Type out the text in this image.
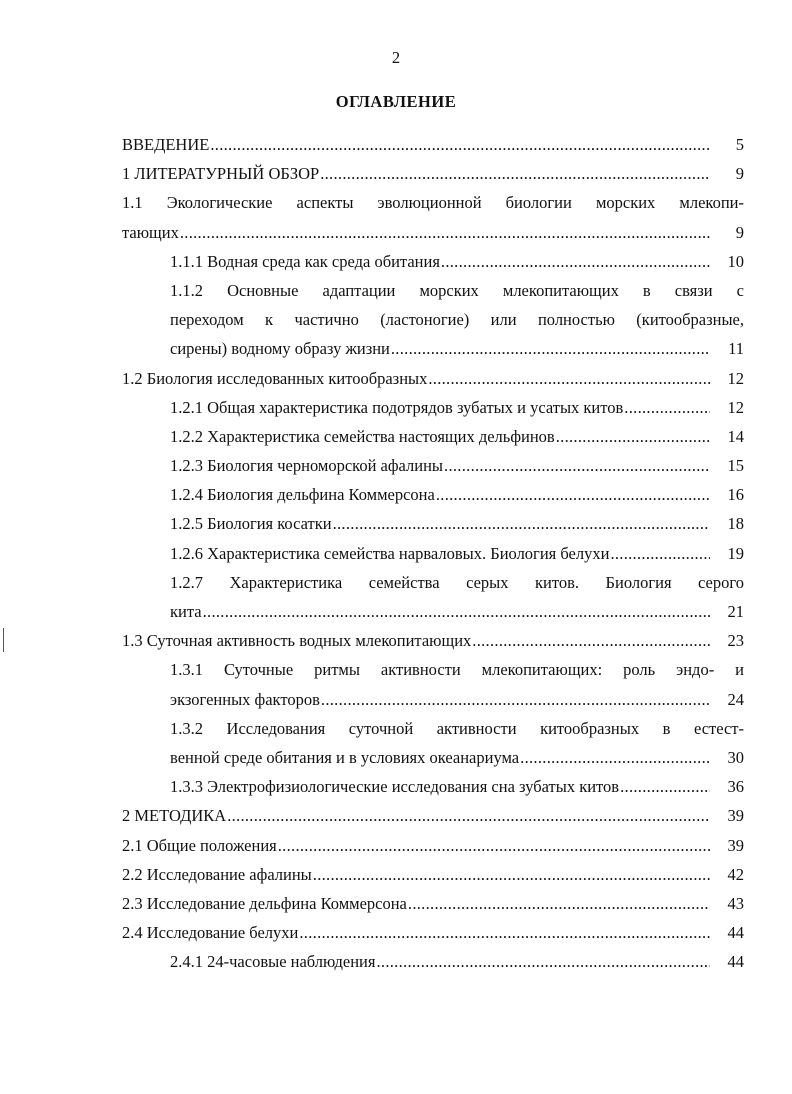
2
ОГЛАВЛЕНИЕ
ВВЕДЕНИЕ .....	5
1 ЛИТЕРАТУРНЫЙ ОБЗОР .....	9
1.1 Экологические аспекты эволюционной биологии морских млекопи-
тающих .....	9
1.1.1 Водная среда как среда обитания .....	10
1.1.2 Основные адаптации морских млекопитающих в связи с
переходом к частично (ластоногие) или полностью (китообразные,
сирены) водному образу жизни .....	11
1.2 Биология исследованных китообразных .....	12
1.2.1 Общая характеристика подотрядов зубатых и усатых китов .....	12
1.2.2 Характеристика семейства настоящих дельфинов .....	14
1.2.3 Биология черноморской афалины .....	15
1.2.4 Биология дельфина Коммерсона .....	16
1.2.5 Биология косатки .....	18
1.2.6 Характеристика семейства нарваловых. Биология белухи .....	19
1.2.7 Характеристика семейства серых китов. Биология серого
кита .....	21
1.3 Суточная активность водных млекопитающих .....	23
1.3.1 Суточные ритмы активности млекопитающих: роль эндо- и
экзогенных факторов .....	24
1.3.2 Исследования суточной активности китообразных в естест-
венной среде обитания и в условиях океанариума .....	30
1.3.3 Электрофизиологические исследования сна зубатых китов .....	36
2 МЕТОДИКА .....	39
2.1 Общие положения .....	39
2.2 Исследование афалины .....	42
2.3 Исследование дельфина Коммерсона .....	43
2.4 Исследование белухи .....	44
2.4.1 24-часовые наблюдения .....	44
